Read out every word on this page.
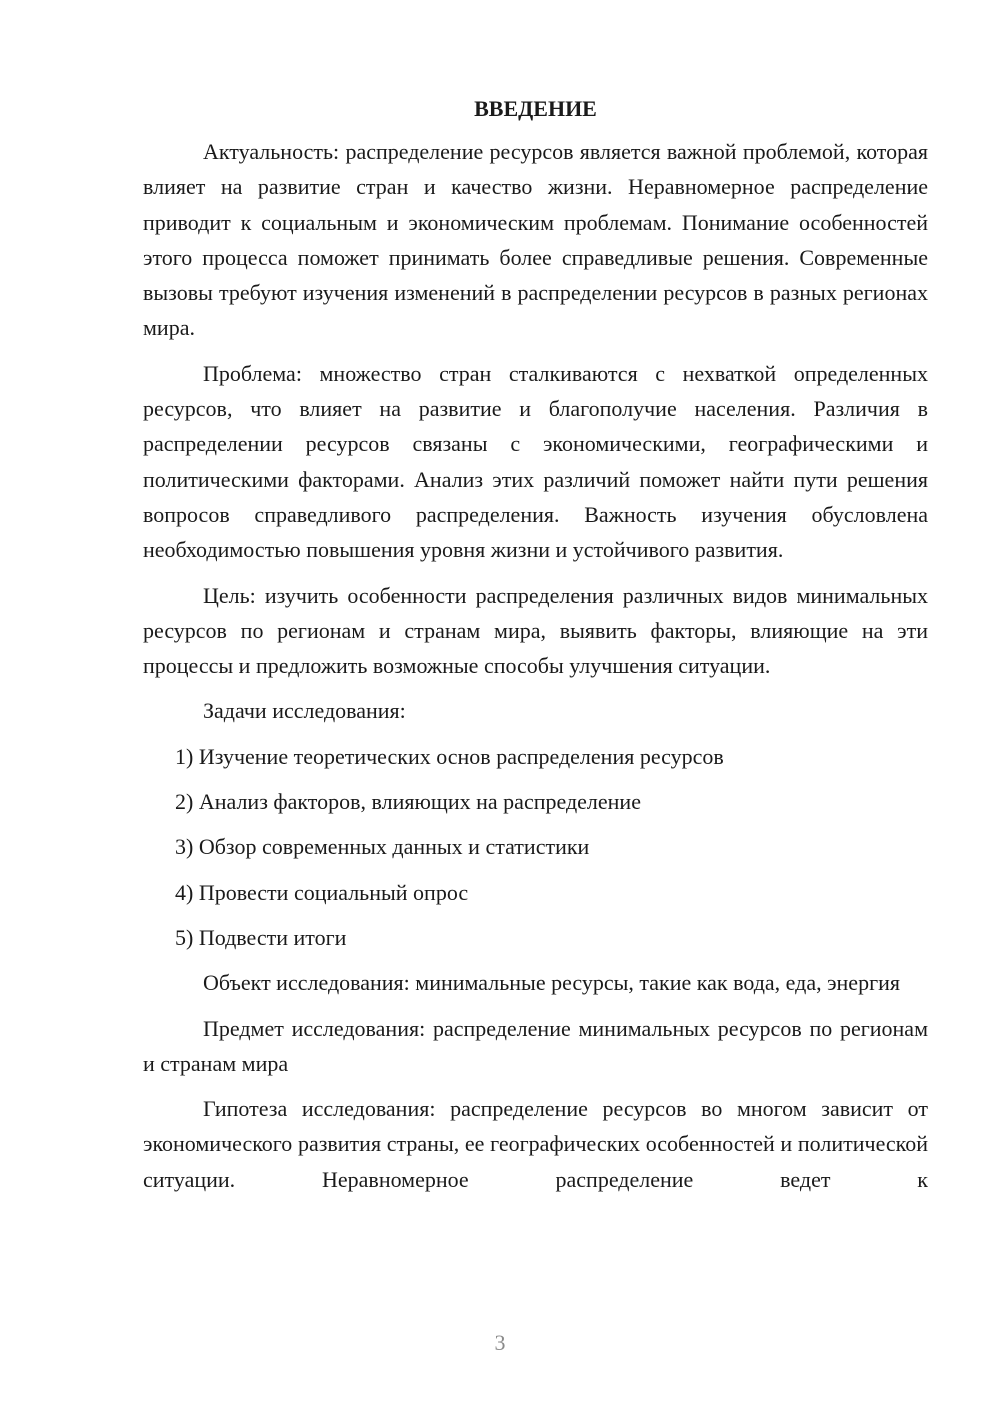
ВВЕДЕНИЕ

Актуальность: распределение ресурсов является важной проблемой, которая влияет на развитие стран и качество жизни. Неравномерное распределение приводит к социальным и экономическим проблемам. Понимание особенностей этого процесса поможет принимать более справедливые решения. Современные вызовы требуют изучения изменений в распределении ресурсов в разных регионах мира.

Проблема: множество стран сталкиваются с нехваткой определенных ресурсов, что влияет на развитие и благополучие населения. Различия в распределении ресурсов связаны с экономическими, географическими и политическими факторами. Анализ этих различий поможет найти пути решения вопросов справедливого распределения. Важность изучения обусловлена необходимостью повышения уровня жизни и устойчивого развития.

Цель: изучить особенности распределения различных видов минимальных ресурсов по регионам и странам мира, выявить факторы, влияющие на эти процессы и предложить возможные способы улучшения ситуации.

Задачи исследования:

1) Изучение теоретических основ распределения ресурсов

2) Анализ факторов, влияющих на распределение

3) Обзор современных данных и статистики

4) Провести социальный опрос

5) Подвести итоги

Объект исследования: минимальные ресурсы, такие как вода, еда, энергия

Предмет исследования: распределение минимальных ресурсов по регионам и странам мира

Гипотеза исследования: распределение ресурсов во многом зависит от экономического развития страны, ее географических особенностей и политической ситуации. Неравномерное распределение ведет к

3
